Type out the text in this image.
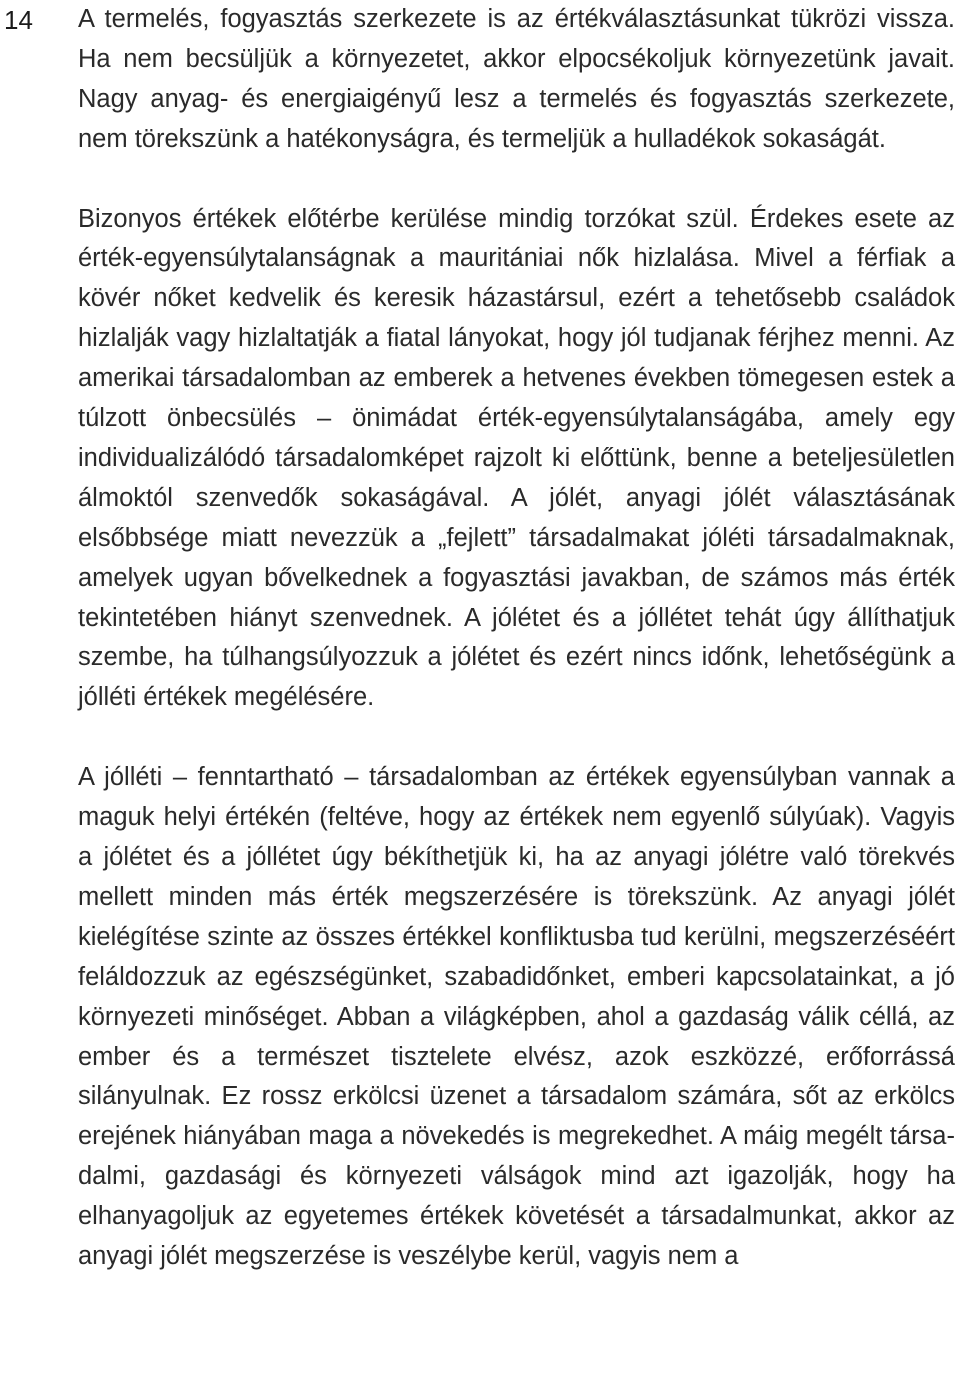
14 A termelés, fogyasztás szerkezete is az értékválasztásunkat tükrözi vissza. Ha nem becsüljük a környezetet, akkor elpocsékoljuk környezetünk javait. Nagy anyag- és energiaigényű lesz a termelés és fogyasztás szerkezete, nem törekszünk a hatékonyságra, és termeljük a hulladékok sokaságát.

Bizonyos értékek előtérbe kerülése mindig torzókat szül. Érdekes esete az érték-egyensúlytalanságnak a mauritániai nők hizlalása. Mivel a férfiak a kövér nőket kedvelik és keresik házastársul, ezért a tehetősebb családok hizlalják vagy hizlaltatják a fiatal lányokat, hogy jól tudjanak férjhez menni. Az amerikai társadalomban az emberek a hetvenes években tömegesen estek a túlzott önbecsülés – önimádat érték-egyensúlytalanságába, amely egy individualizálódó társadalomképet rajzolt ki előttünk, benne a beteljesületlen álmoktól szenvedők sokaságával. A jólét, anyagi jólét választásának elsőbbsége miatt nevezzük a „fejlett” társadalmakat jóléti társadalmaknak, amelyek ugyan bővelkednek a fogyasztási javakban, de számos más érték tekintetében hiányt szenvednek. A jólétet és a jóllétet tehát úgy állíthatjuk szembe, ha túlhangsúlyozzuk a jólétet és ezért nincs időnk, lehetőségünk a jólléti értékek megélésére.

A jólléti – fenntartható – társadalomban az értékek egyensúlyban vannak a maguk helyi értékén (feltéve, hogy az értékek nem egyenlő súlyúak). Vagyis a jólétet és a jóllétet úgy békíthetjük ki, ha az anyagi jólétre való törekvés mellett minden más érték megszerzésére is törekszünk. Az anyagi jólét kielégítése szinte az összes értékkel konfliktusba tud kerülni, megszerzéséért feláldozzuk az egészségünket, szabadidőnket, emberi kapcsolatainkat, a jó környezeti minőséget. Abban a világképben, ahol a gazdaság válik céllá, az ember és a természet tisztelete elvész, azok eszközzé, erőforrássá silányulnak. Ez rossz erkölcsi üzenet a társadalom számára, sőt az erkölcs erejének hiányában maga a növekedés is megrekedhet. A máig megélt társadalmi, gazdasági és környezeti válságok mind azt igazolják, hogy ha elhanyagoljuk az egyetemes értékek követését a társadalmunkat, akkor az anyagi jólét megszerzése is veszélybe kerül, vagyis nem a
